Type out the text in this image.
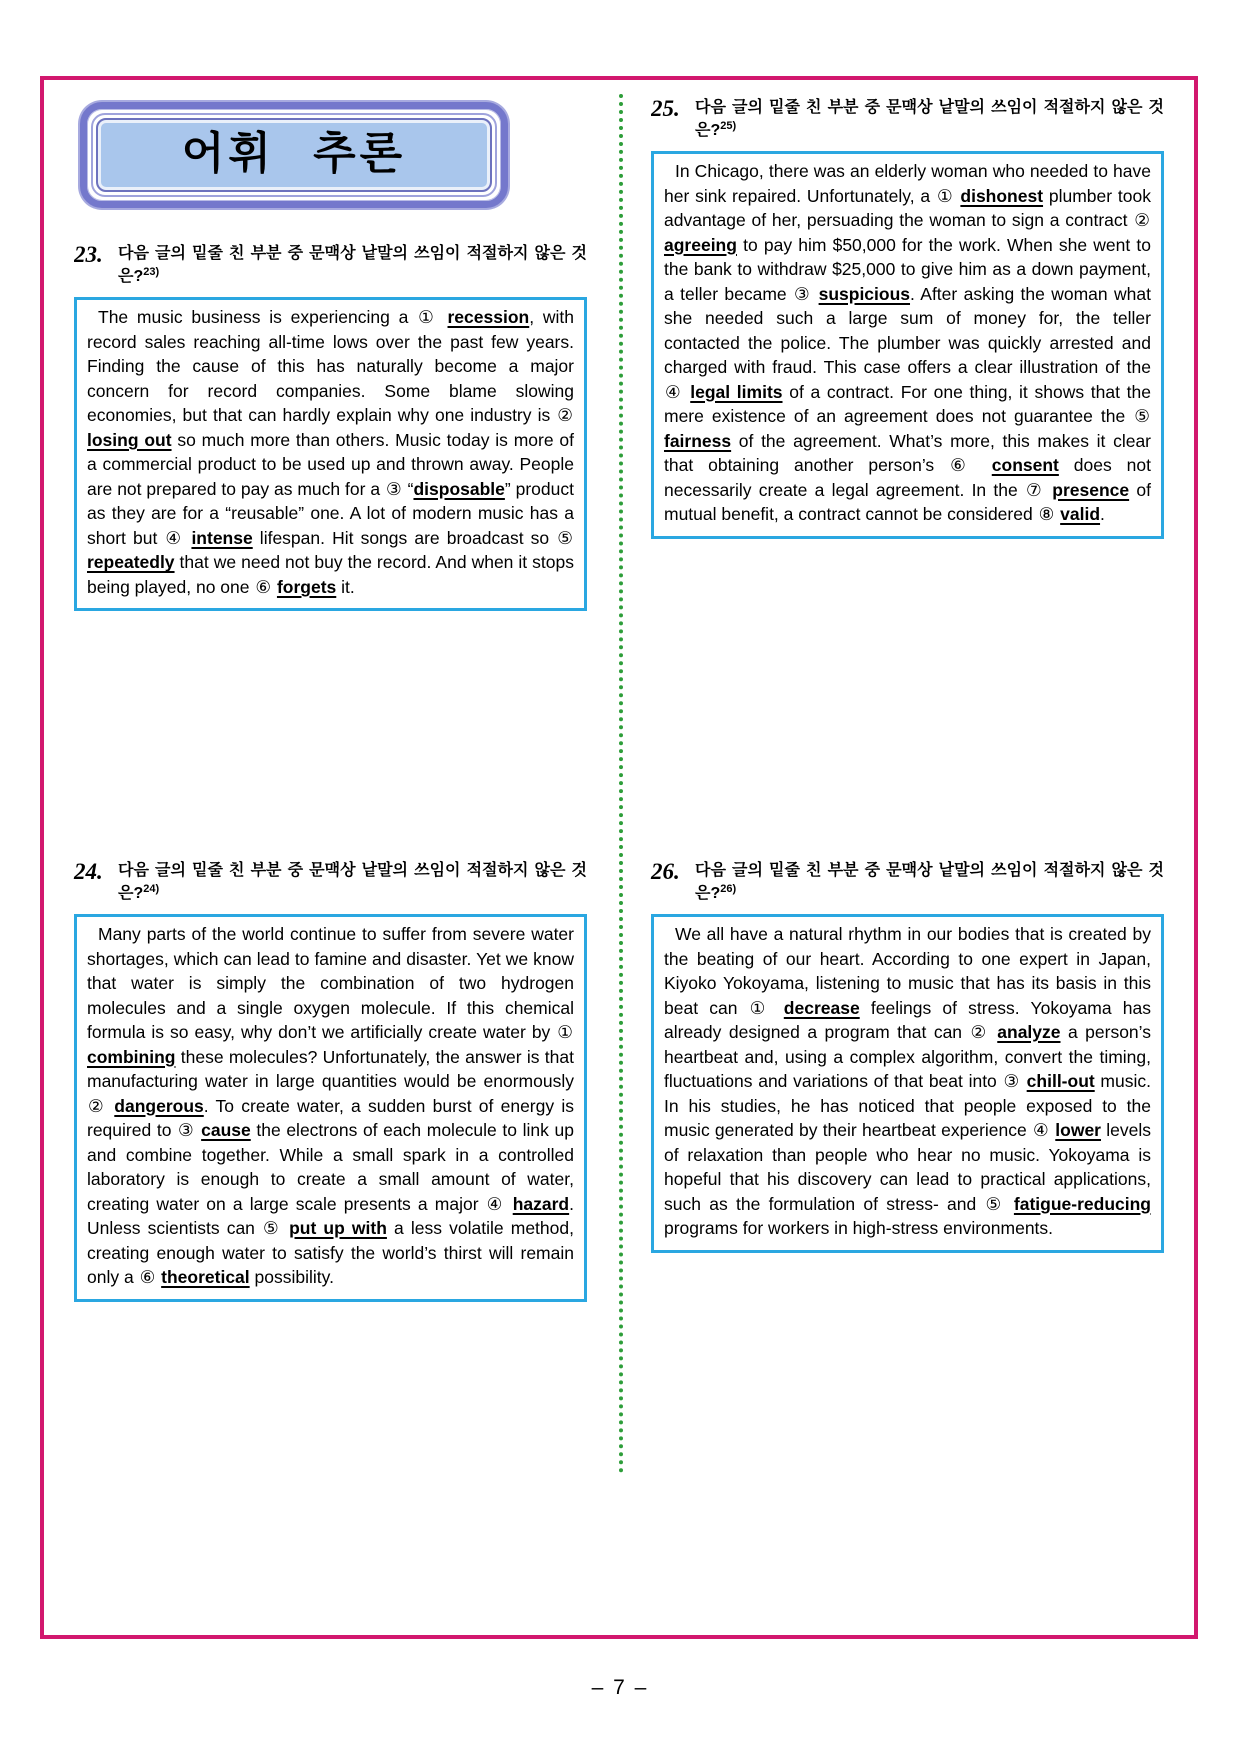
어휘 추론
23. 다음 글의 밑줄 친 부분 중 문맥상 낱말의 쓰임이 적절하지 않은 것은?$^{23)}$

The music business is experiencing a ① recession, with record sales reaching all-time lows over the past few years. Finding the cause of this has naturally become a major concern for record companies. Some blame slowing economies, but that can hardly explain why one industry is ② losing out so much more than others. Music today is more of a commercial product to be used up and thrown away. People are not prepared to pay as much for a ③ “disposable” product as they are for a “reusable” one. A lot of modern music has a short but ④ intense lifespan. Hit songs are broadcast so ⑤ repeatedly that we need not buy the record. And when it stops being played, no one ⑥ forgets it.

24. 다음 글의 밑줄 친 부분 중 문맥상 낱말의 쓰임이 적절하지 않은 것은?$^{24)}$

Many parts of the world continue to suffer from severe water shortages, which can lead to famine and disaster. Yet we know that water is simply the combination of two hydrogen molecules and a single oxygen molecule. If this chemical formula is so easy, why don’t we artificially create water by ① combining these molecules? Unfortunately, the answer is that manufacturing water in large quantities would be enormously ② dangerous. To create water, a sudden burst of energy is required to ③ cause the electrons of each molecule to link up and combine together. While a small spark in a controlled laboratory is enough to create a small amount of water, creating water on a large scale presents a major ④ hazard. Unless scientists can ⑤ put up with a less volatile method, creating enough water to satisfy the world’s thirst will remain only a ⑥ theoretical possibility.

25. 다음 글의 밑줄 친 부분 중 문맥상 낱말의 쓰임이 적절하지 않은 것은?$^{25)}$

In Chicago, there was an elderly woman who needed to have her sink repaired. Unfortunately, a ① dishonest plumber took advantage of her, persuading the woman to sign a contract ② agreeing to pay him $50,000 for the work. When she went to the bank to withdraw $25,000 to give him as a down payment, a teller became ③ suspicious. After asking the woman what she needed such a large sum of money for, the teller contacted the police. The plumber was quickly arrested and charged with fraud. This case offers a clear illustration of the ④ legal limits of a contract. For one thing, it shows that the mere existence of an agreement does not guarantee the ⑤ fairness of the agreement. What’s more, this makes it clear that obtaining another person’s ⑥ consent does not necessarily create a legal agreement. In the ⑦ presence of mutual benefit, a contract cannot be considered ⑧ valid.

26. 다음 글의 밑줄 친 부분 중 문맥상 낱말의 쓰임이 적절하지 않은 것은?$^{26)}$

We all have a natural rhythm in our bodies that is created by the beating of our heart. According to one expert in Japan, Kiyoko Yokoyama, listening to music that has its basis in this beat can ① decrease feelings of stress. Yokoyama has already designed a program that can ② analyze a person’s heartbeat and, using a complex algorithm, convert the timing, fluctuations and variations of that beat into ③ chill-out music. In his studies, he has noticed that people exposed to the music generated by their heartbeat experience ④ lower levels of relaxation than people who hear no music. Yokoyama is hopeful that his discovery can lead to practical applications, such as the formulation of stress- and ⑤ fatigue-reducing programs for workers in high-stress environments.

– 7 –
